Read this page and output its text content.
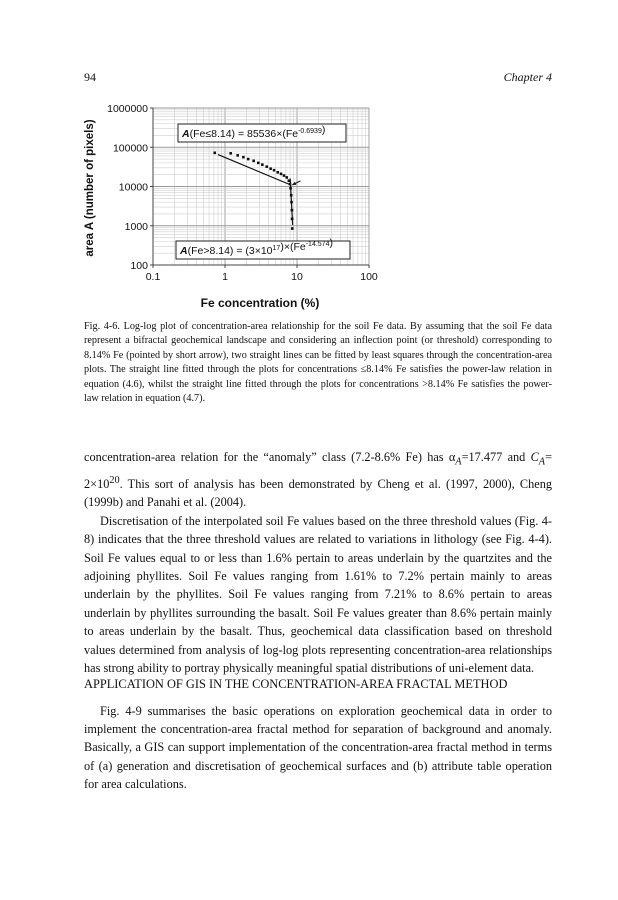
94	Chapter 4
0.1	1	10	100
100
1000
10000
100000
1000000
$A(Fe\le 8.14) = 85536\times(Fe^{-0.6939})$
$A(Fe>8.14) = (3\times 10^{17})\times(Fe^{-14.574})$
area A (number of pixels)
Fe concentration (%)

Fig. 4-6. Log-log plot of concentration-area relationship for the soil Fe data. By assuming that the soil Fe data represent a bifractal geochemical landscape and considering an inflection point (or threshold) corresponding to 8.14% Fe (pointed by short arrow), two straight lines can be fitted by least squares through the concentration-area plots. The straight line fitted through the plots for concentrations ≤8.14% Fe satisfies the power-law relation in equation (4.6), whilst the straight line fitted through the plots for concentrations >8.14% Fe satisfies the power-law relation in equation (4.7).

concentration-area relation for the “anomaly” class (7.2-8.6% Fe) has $\alpha_A=17.477$ and $C_A= 2\times 10^{20}$. This sort of analysis has been demonstrated by Cheng et al. (1997, 2000), Cheng (1999b) and Panahi et al. (2004).

Discretisation of the interpolated soil Fe values based on the three threshold values (Fig. 4-8) indicates that the three threshold values are related to variations in lithology (see Fig. 4-4). Soil Fe values equal to or less than 1.6% pertain to areas underlain by the quartzites and the adjoining phyllites. Soil Fe values ranging from 1.61% to 7.2% pertain mainly to areas underlain by the phyllites. Soil Fe values ranging from 7.21% to 8.6% pertain to areas underlain by phyllites surrounding the basalt. Soil Fe values greater than 8.6% pertain mainly to areas underlain by the basalt. Thus, geochemical data classification based on threshold values determined from analysis of log-log plots representing concentration-area relationships has strong ability to portray physically meaningful spatial distributions of uni-element data.

APPLICATION OF GIS IN THE CONCENTRATION-AREA FRACTAL METHOD

Fig. 4-9 summarises the basic operations on exploration geochemical data in order to implement the concentration-area fractal method for separation of background and anomaly. Basically, a GIS can support implementation of the concentration-area fractal method in terms of (a) generation and discretisation of geochemical surfaces and (b) attribute table operation for area calculations.
